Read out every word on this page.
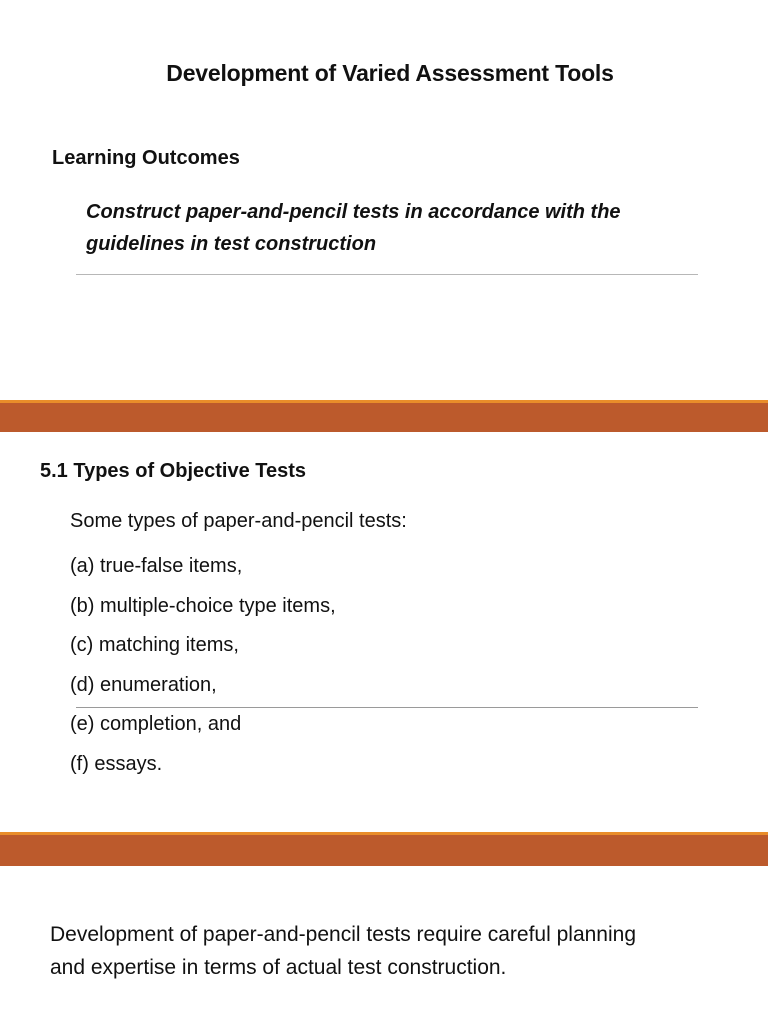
Development of Varied Assessment Tools
Learning Outcomes
Construct paper-and-pencil tests in accordance with the
guidelines in test construction
5.1 Types of Objective Tests
Some types of paper-and-pencil tests:
(a) true-false items,
(b) multiple-choice type items,
(c) matching items,
(d) enumeration,
(e) completion, and
(f) essays.
Development of paper-and-pencil tests require careful planning
and expertise in terms of actual test construction.
